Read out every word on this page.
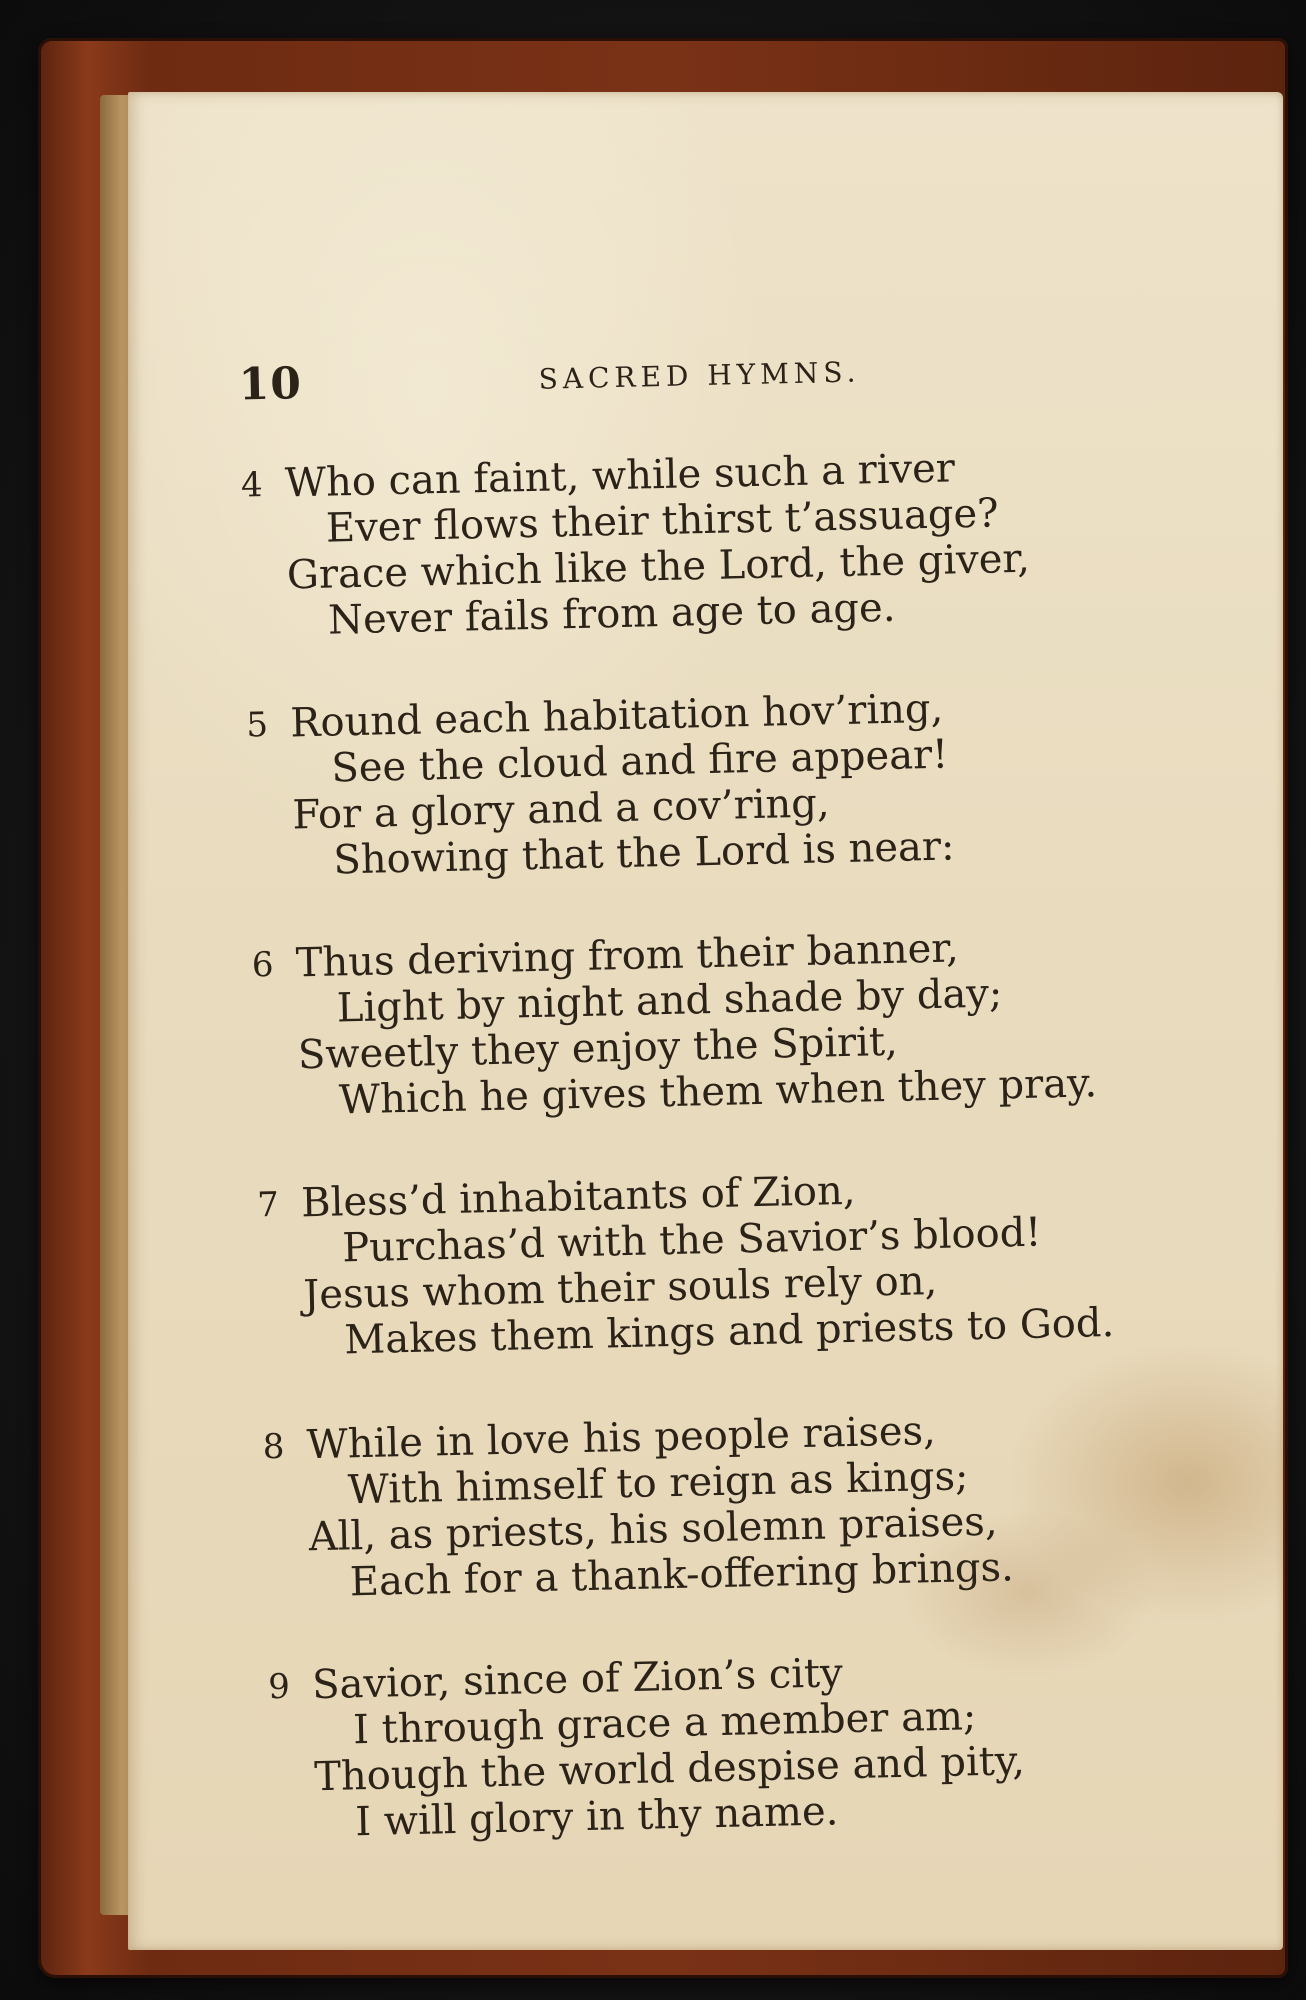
10	SACRED HYMNS.
4 Who can faint, while such a river
Ever flows their thirst t’assuage?
Grace which like the Lord, the giver,
Never fails from age to age.
5 Round each habitation hov’ring,
See the cloud and fire appear!
For a glory and a cov’ring,
Showing that the Lord is near:
6 Thus deriving from their banner,
Light by night and shade by day;
Sweetly they enjoy the Spirit,
Which he gives them when they pray.
7 Bless’d inhabitants of Zion,
Purchas’d with the Savior’s blood!
Jesus whom their souls rely on,
Makes them kings and priests to God.
8 While in love his people raises,
With himself to reign as kings;
All, as priests, his solemn praises,
Each for a thank-offering brings.
9 Savior, since of Zion’s city
I through grace a member am;
Though the world despise and pity,
I will glory in thy name.
